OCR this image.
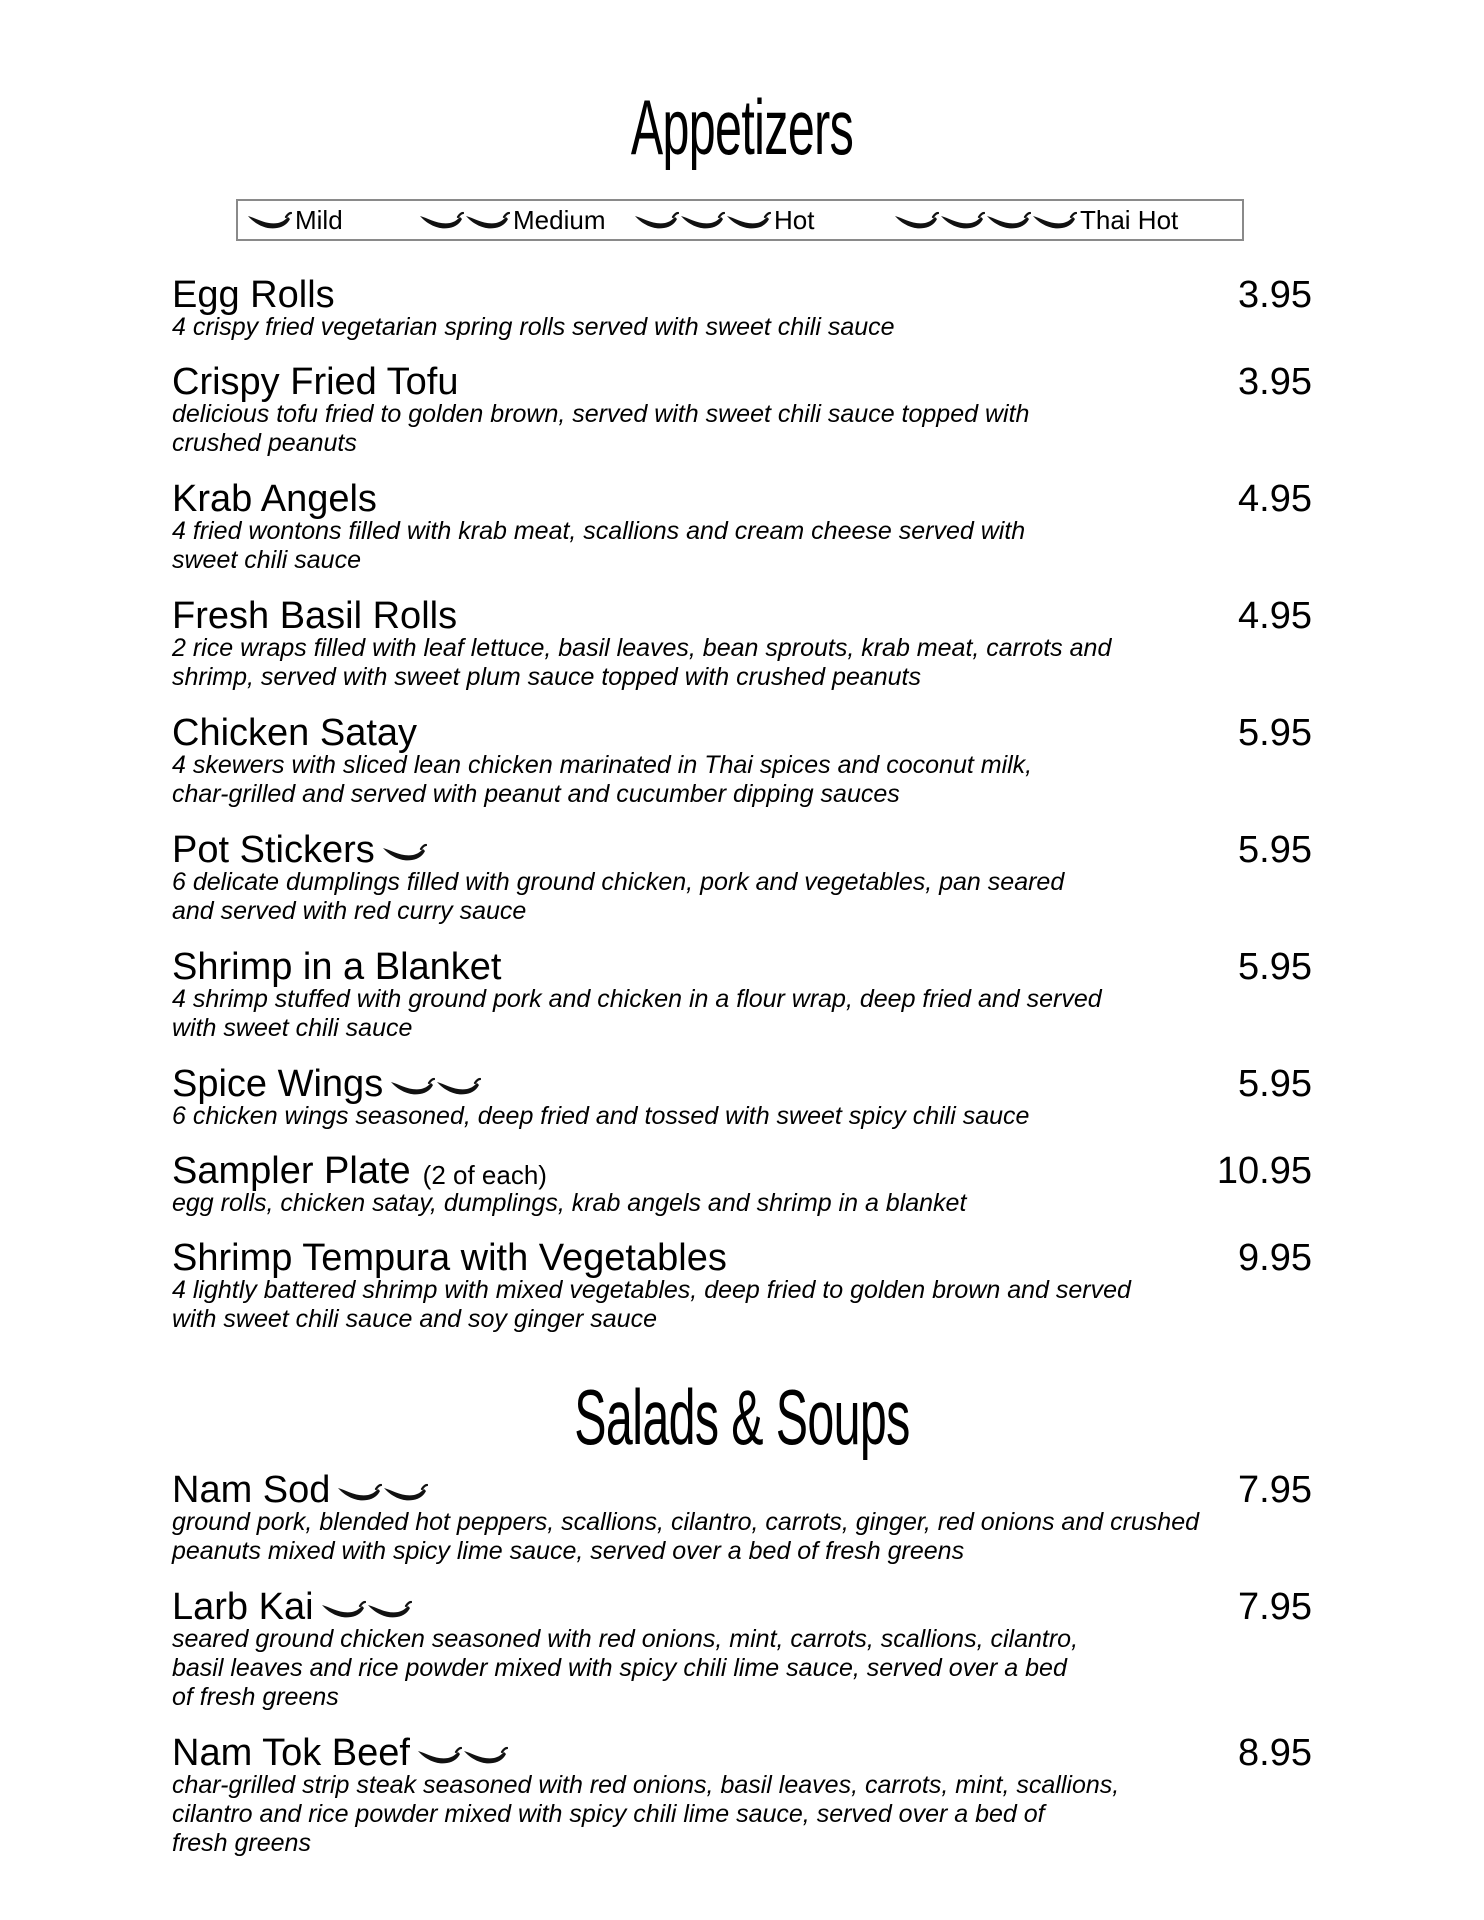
Appetizers
Mild	Medium	Hot	Thai Hot
Egg Rolls	3.95
4 crispy fried vegetarian spring rolls served with sweet chili sauce
Crispy Fried Tofu	3.95
delicious tofu fried to golden brown, served with sweet chili sauce topped with
crushed peanuts
Krab Angels	4.95
4 fried wontons filled with krab meat, scallions and cream cheese served with
sweet chili sauce
Fresh Basil Rolls	4.95
2 rice wraps filled with leaf lettuce, basil leaves, bean sprouts, krab meat, carrots and
shrimp, served with sweet plum sauce topped with crushed peanuts
Chicken Satay	5.95
4 skewers with sliced lean chicken marinated in Thai spices and coconut milk,
char-grilled and served with peanut and cucumber dipping sauces
Pot Stickers	5.95
6 delicate dumplings filled with ground chicken, pork and vegetables, pan seared
and served with red curry sauce
Shrimp in a Blanket	5.95
4 shrimp stuffed with ground pork and chicken in a flour wrap, deep fried and served
with sweet chili sauce
Spice Wings	5.95
6 chicken wings seasoned, deep fried and tossed with sweet spicy chili sauce
Sampler Plate (2 of each)	10.95
egg rolls, chicken satay, dumplings, krab angels and shrimp in a blanket
Shrimp Tempura with Vegetables	9.95
4 lightly battered shrimp with mixed vegetables, deep fried to golden brown and served
with sweet chili sauce and soy ginger sauce
Salads & Soups
Nam Sod	7.95
ground pork, blended hot peppers, scallions, cilantro, carrots, ginger, red onions and crushed
peanuts mixed with spicy lime sauce, served over a bed of fresh greens
Larb Kai	7.95
seared ground chicken seasoned with red onions, mint, carrots, scallions, cilantro,
basil leaves and rice powder mixed with spicy chili lime sauce, served over a bed
of fresh greens
Nam Tok Beef	8.95
char-grilled strip steak seasoned with red onions, basil leaves, carrots, mint, scallions,
cilantro and rice powder mixed with spicy chili lime sauce, served over a bed of
fresh greens
